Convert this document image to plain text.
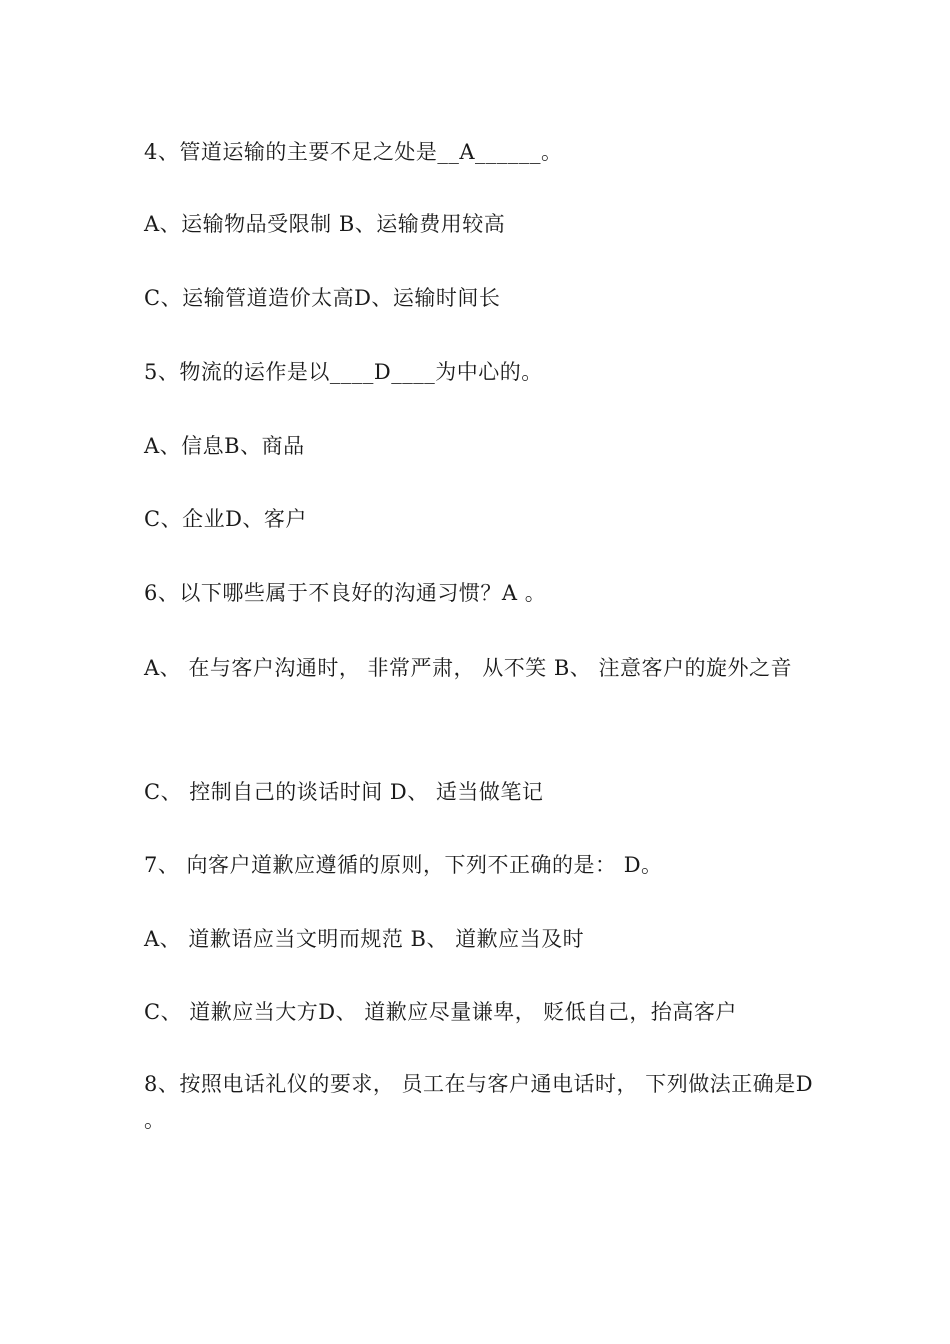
4、管道运输的主要不足之处是__A______。
A、运输物品受限制 B、运输费用较高
C、运输管道造价太高D、运输时间长
5、物流的运作是以____D____为中心的。
A、信息B、商品
C、企业D、客户
6、以下哪些属于不良好的沟通习惯？A 。
A、 在与客户沟通时， 非常严肃， 从不笑 B、 注意客户的旋外之音
C、 控制自己的谈话时间 D、 适当做笔记
7、 向客户道歉应遵循的原则，下列不正确的是： D。
A、 道歉语应当文明而规范 B、 道歉应当及时
C、 道歉应当大方D、 道歉应尽量谦卑， 贬低自己，抬高客户
8、按照电话礼仪的要求， 员工在与客户通电话时， 下列做法正确是D 。
